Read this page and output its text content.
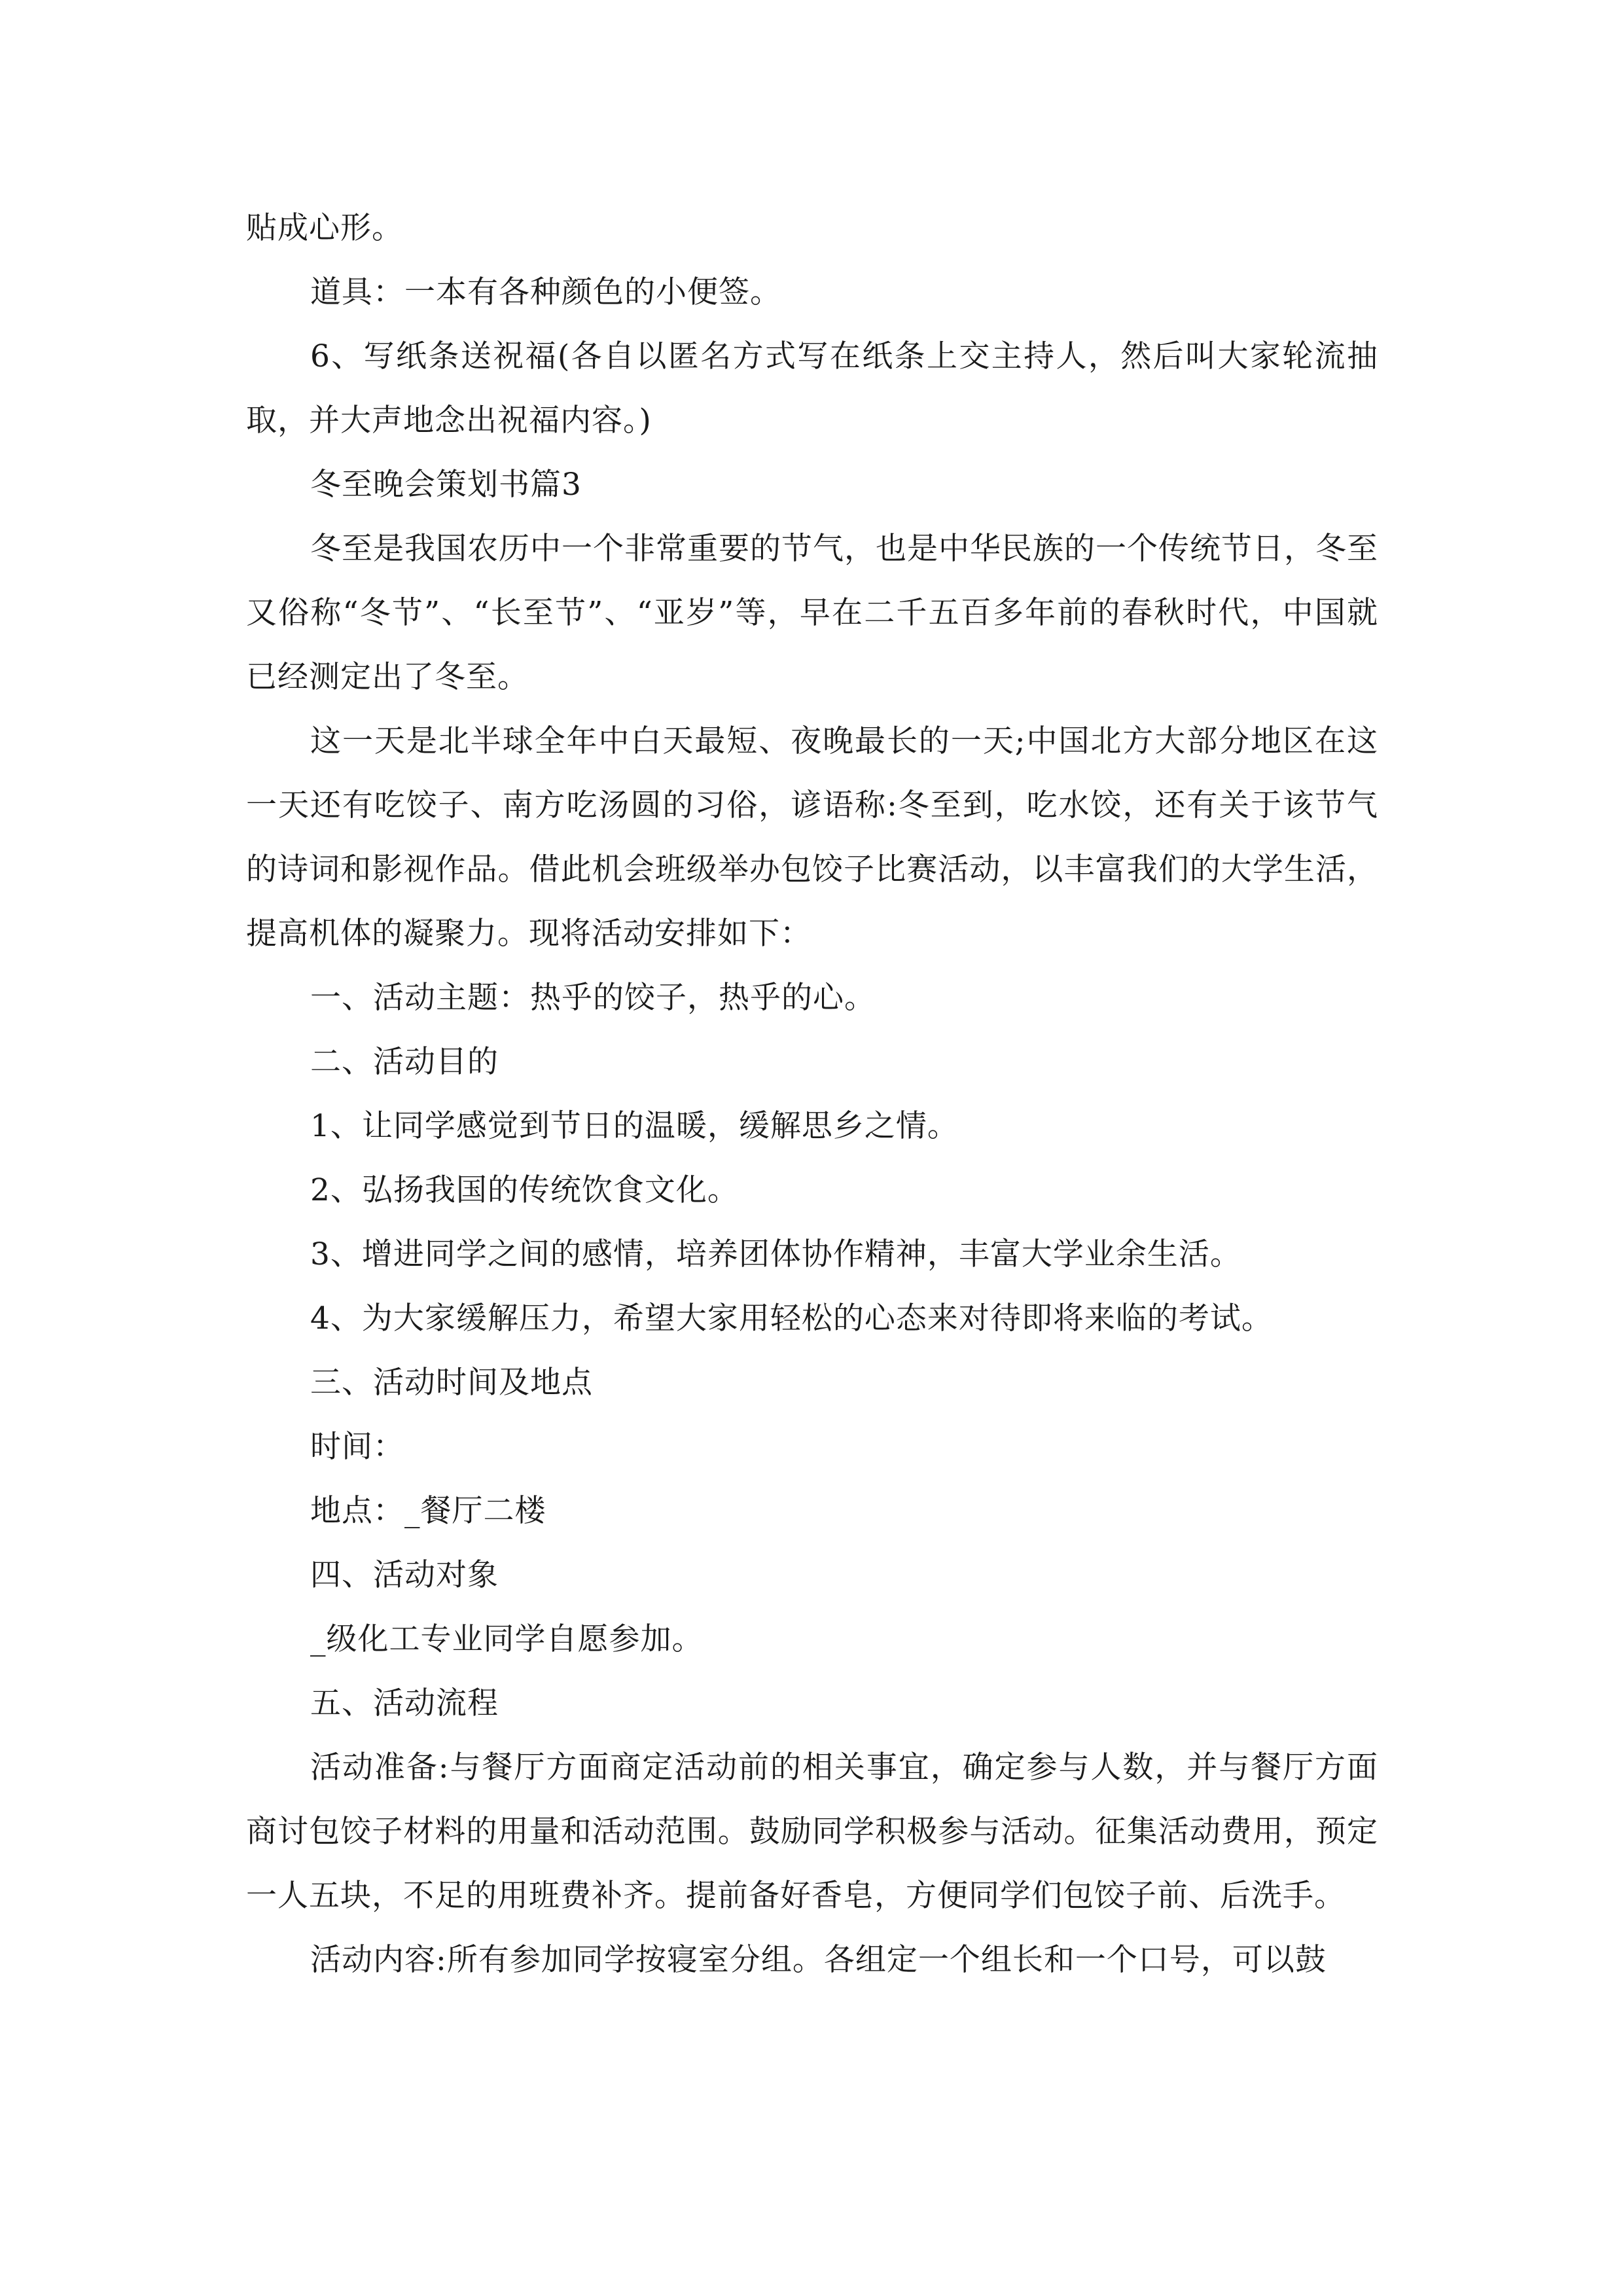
贴成心形。

道具：一本有各种颜色的小便签。

6、写纸条送祝福(各自以匿名方式写在纸条上交主持人，然后叫大家轮流抽取，并大声地念出祝福内容。)

冬至晚会策划书篇3

冬至是我国农历中一个非常重要的节气，也是中华民族的一个传统节日，冬至又俗称“冬节”、“长至节”、“亚岁”等，早在二千五百多年前的春秋时代，中国就已经测定出了冬至。

这一天是北半球全年中白天最短、夜晚最长的一天;中国北方大部分地区在这一天还有吃饺子、南方吃汤圆的习俗，谚语称:冬至到，吃水饺，还有关于该节气的诗词和影视作品。借此机会班级举办包饺子比赛活动，以丰富我们的大学生活，提高机体的凝聚力。现将活动安排如下：

一、活动主题：热乎的饺子，热乎的心。

二、活动目的

1、让同学感觉到节日的温暖，缓解思乡之情。

2、弘扬我国的传统饮食文化。

3、增进同学之间的感情，培养团体协作精神，丰富大学业余生活。

4、为大家缓解压力，希望大家用轻松的心态来对待即将来临的考试。

三、活动时间及地点

时间：

地点：_餐厅二楼

四、活动对象

_级化工专业同学自愿参加。

五、活动流程

活动准备:与餐厅方面商定活动前的相关事宜，确定参与人数，并与餐厅方面商讨包饺子材料的用量和活动范围。鼓励同学积极参与活动。征集活动费用，预定一人五块，不足的用班费补齐。提前备好香皂，方便同学们包饺子前、后洗手。

活动内容:所有参加同学按寝室分组。各组定一个组长和一个口号，可以鼓
